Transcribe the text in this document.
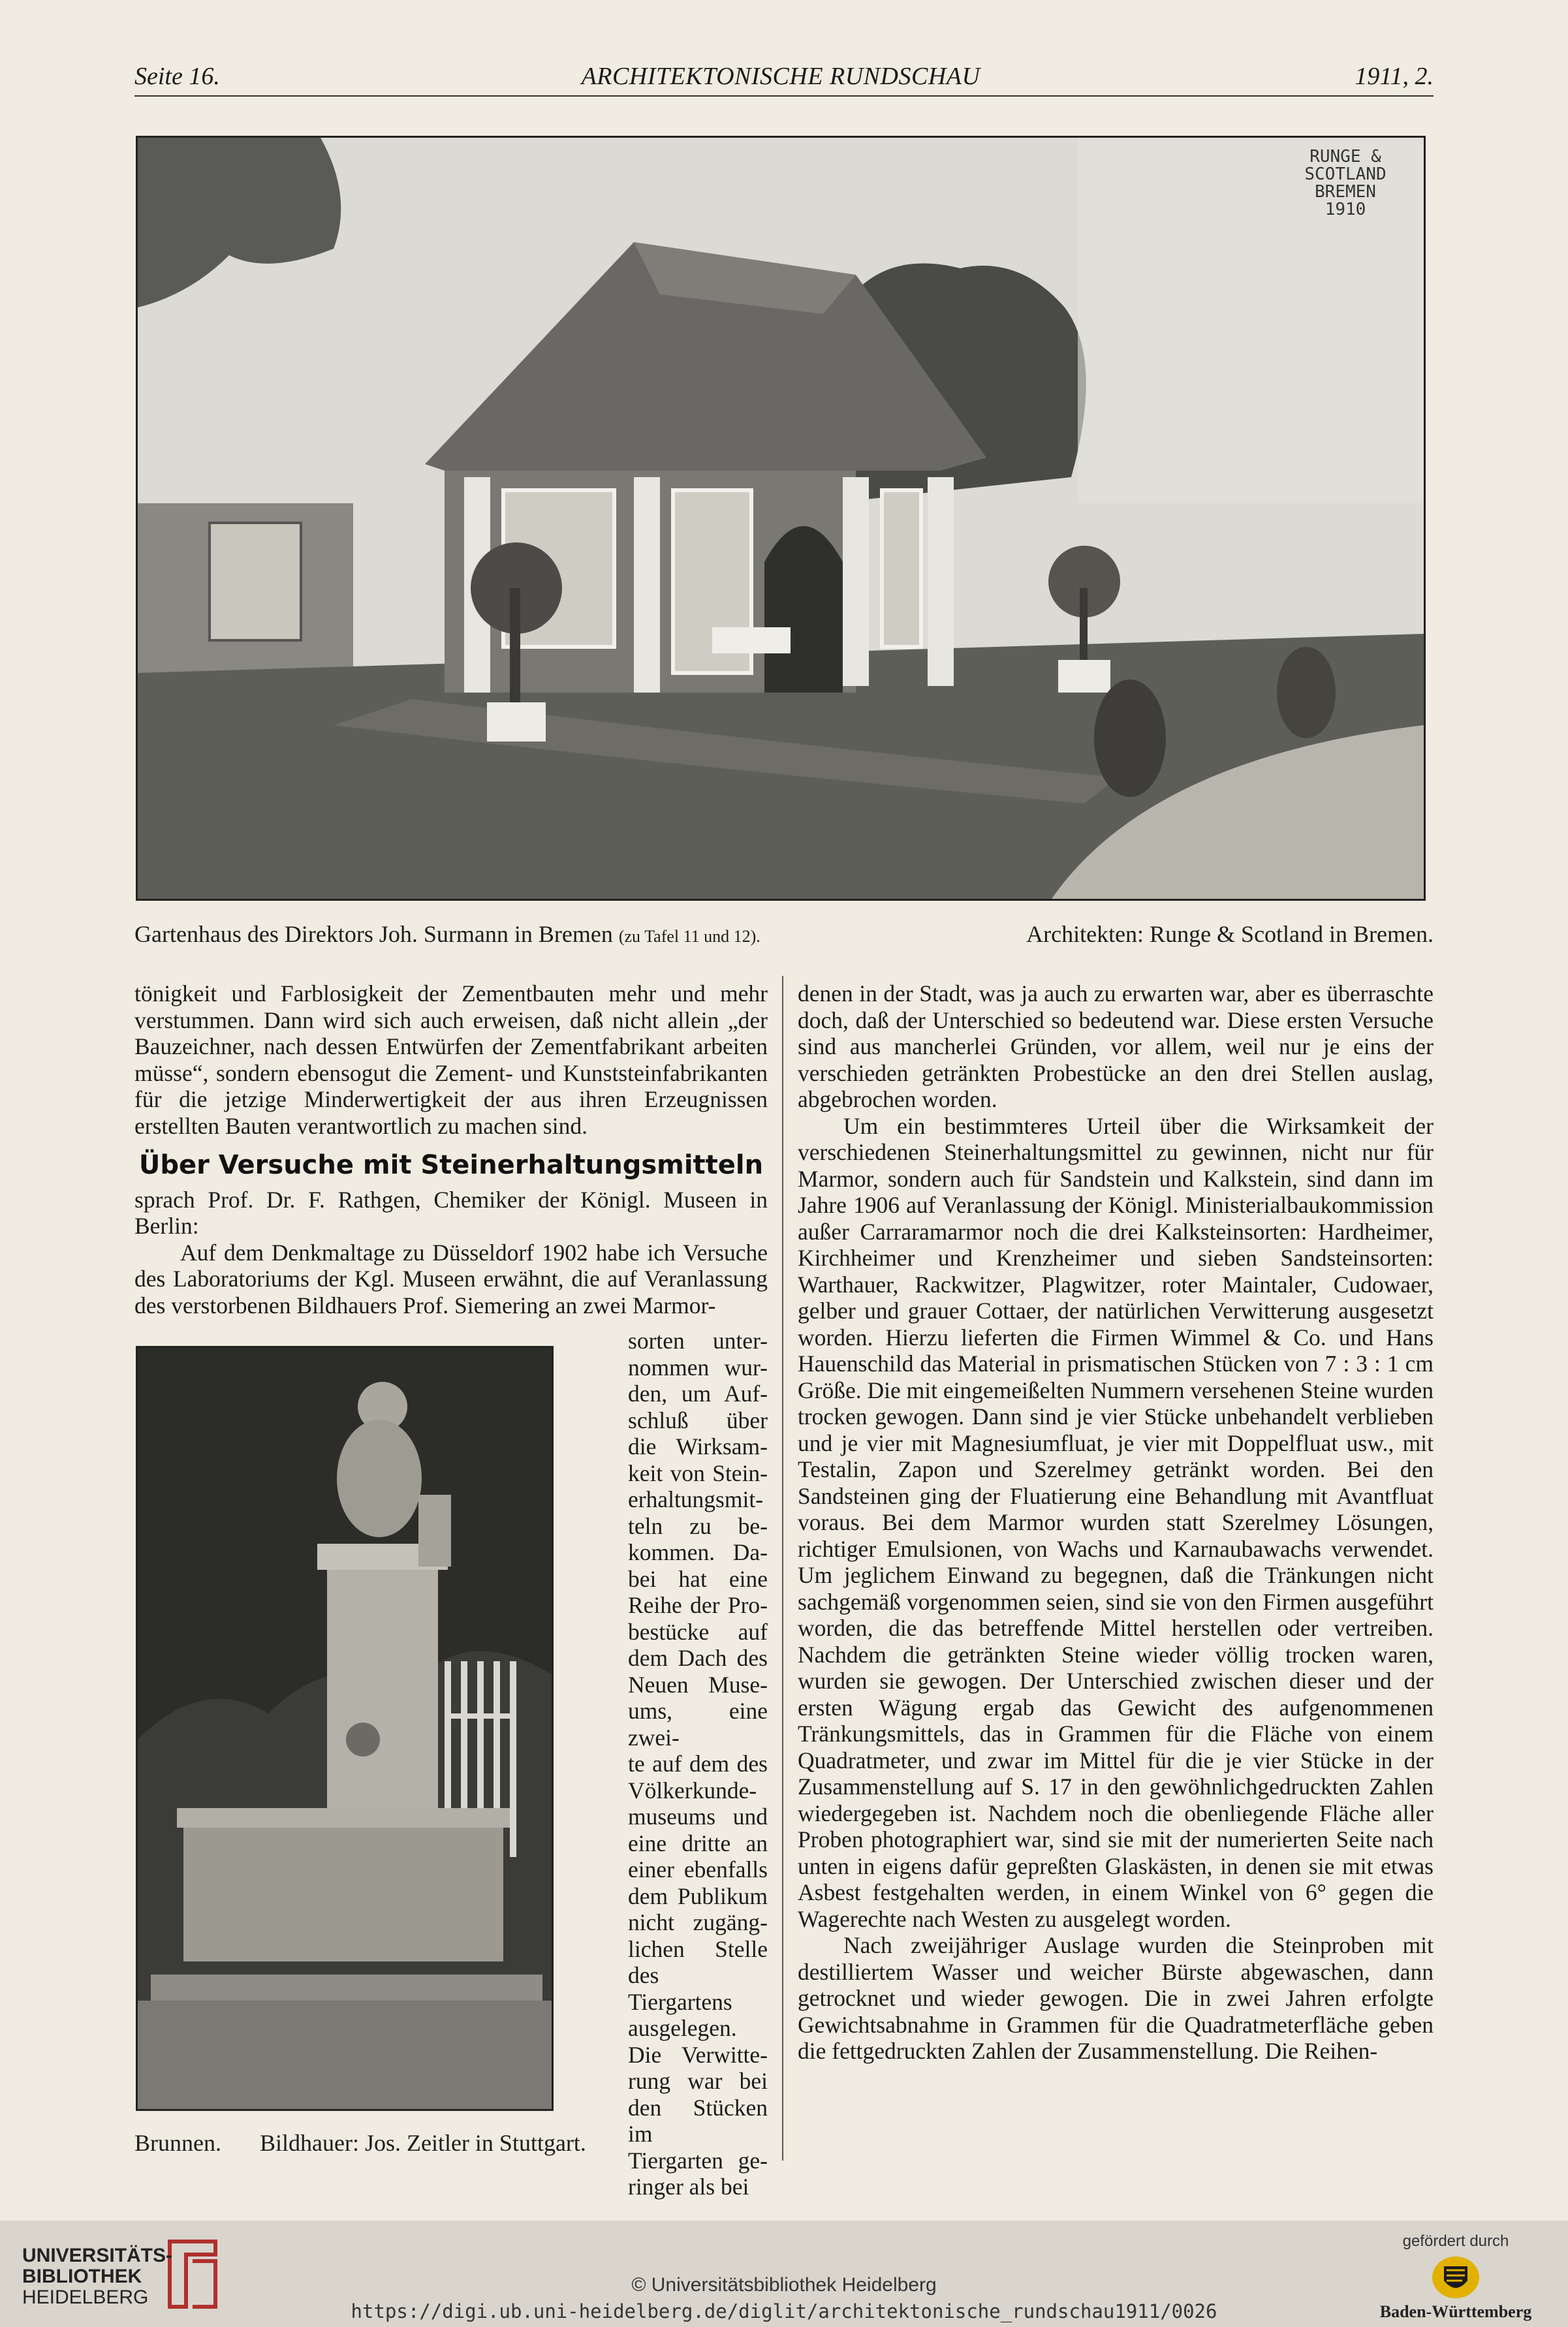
Seite 16.	ARCHITEKTONISCHE RUNDSCHAU	1911, 2.
RUNGE &
SCOTLAND
BREMEN
1910
Gartenhaus des Direktors Joh. Surmann in Bremen (zu Tafel 11 und 12).	Architekten: Runge & Scotland in Bremen.

tönigkeit und Farblosigkeit der Zementbauten mehr und mehr verstummen. Dann wird sich auch erweisen, daß nicht allein „der Bauzeichner, nach dessen Entwürfen der Zementfabrikant arbeiten müsse“, sondern ebensogut die Zement- und Kunststeinfabrikanten für die jetzige Minderwertigkeit der aus ihren Erzeugnissen erstellten Bauten verantwortlich zu machen sind.

Über Versuche mit Steinerhaltungsmitteln

sprach Prof. Dr. F. Rathgen, Chemiker der Königl. Museen in Berlin:

Auf dem Denkmaltage zu Düsseldorf 1902 habe ich Versuche des Laboratoriums der Kgl. Museen erwähnt, die auf Veranlassung des verstorbenen Bildhauers Prof. Siemering an zwei Marmor-

sorten unter-
nommen wur-
den, um Auf-
schluß über
die Wirksam-
keit von Stein-
erhaltungsmit-
teln zu be-
kommen. Da-
bei hat eine
Reihe der Pro-
bestücke auf
dem Dach des
Neuen Muse-
ums, eine zwei-
te auf dem des
Völkerkunde-
museums und
eine dritte an
einer ebenfalls
dem Publikum
nicht zugäng-
lichen Stelle
des Tiergartens
ausgelegen.
Die Verwitte-
rung war bei
den Stücken im
Tiergarten ge-
ringer als bei
Brunnen. Bildhauer: Jos. Zeitler in Stuttgart.

denen in der Stadt, was ja auch zu erwarten war, aber es überraschte doch, daß der Unterschied so bedeutend war. Diese ersten Versuche sind aus mancherlei Gründen, vor allem, weil nur je eins der verschieden getränkten Probestücke an den drei Stellen auslag, abgebrochen worden.

Um ein bestimmteres Urteil über die Wirksamkeit der verschiedenen Steinerhaltungsmittel zu gewinnen, nicht nur für Marmor, sondern auch für Sandstein und Kalkstein, sind dann im Jahre 1906 auf Veranlassung der Königl. Ministerialbaukommission außer Carraramarmor noch die drei Kalksteinsorten: Hardheimer, Kirchheimer und Krenzheimer und sieben Sandsteinsorten: Warthauer, Rackwitzer, Plagwitzer, roter Maintaler, Cudowaer, gelber und grauer Cottaer, der natürlichen Verwitterung ausgesetzt worden. Hierzu lieferten die Firmen Wimmel & Co. und Hans Hauenschild das Material in prismatischen Stücken von 7 : 3 : 1 cm Größe. Die mit eingemeißelten Nummern versehenen Steine wurden trocken gewogen. Dann sind je vier Stücke unbehandelt verblieben und je vier mit Magnesiumfluat, je vier mit Doppelfluat usw., mit Testalin, Zapon und Szerelmey getränkt worden. Bei den Sandsteinen ging der Fluatierung eine Behandlung mit Avantfluat voraus. Bei dem Marmor wurden statt Szerelmey Lösungen, richtiger Emulsionen, von Wachs und Karnaubawachs verwendet. Um jeglichem Einwand zu begegnen, daß die Tränkungen nicht sachgemäß vorgenommen seien, sind sie von den Firmen ausgeführt worden, die das betreffende Mittel herstellen oder vertreiben. Nachdem die getränkten Steine wieder völlig trocken waren, wurden sie gewogen. Der Unterschied zwischen dieser und der ersten Wägung ergab das Gewicht des aufgenommenen Tränkungsmittels, das in Grammen für die Fläche von einem Quadratmeter, und zwar im Mittel für die je vier Stücke in der Zusammenstellung auf S. 17 in den gewöhnlichgedruckten Zahlen wiedergegeben ist. Nachdem noch die obenliegende Fläche aller Proben photographiert war, sind sie mit der numerierten Seite nach unten in eigens dafür gepreßten Glaskästen, in denen sie mit etwas Asbest festgehalten werden, in einem Winkel von 6° gegen die Wagerechte nach Westen zu ausgelegt worden.

Nach zweijähriger Auslage wurden die Steinproben mit destilliertem Wasser und weicher Bürste abgewaschen, dann getrocknet und wieder gewogen. Die in zwei Jahren erfolgte Gewichtsabnahme in Grammen für die Quadratmeterfläche geben die fettgedruckten Zahlen der Zusammenstellung. Die Reihen-

UNIVERSITÄTS-
BIBLIOTHEK
HEIDELBERG
© Universitätsbibliothek Heidelberg
https://digi.ub.uni-heidelberg.de/diglit/architektonische_rundschau1911/0026
gefördert durch
Baden-Württemberg
